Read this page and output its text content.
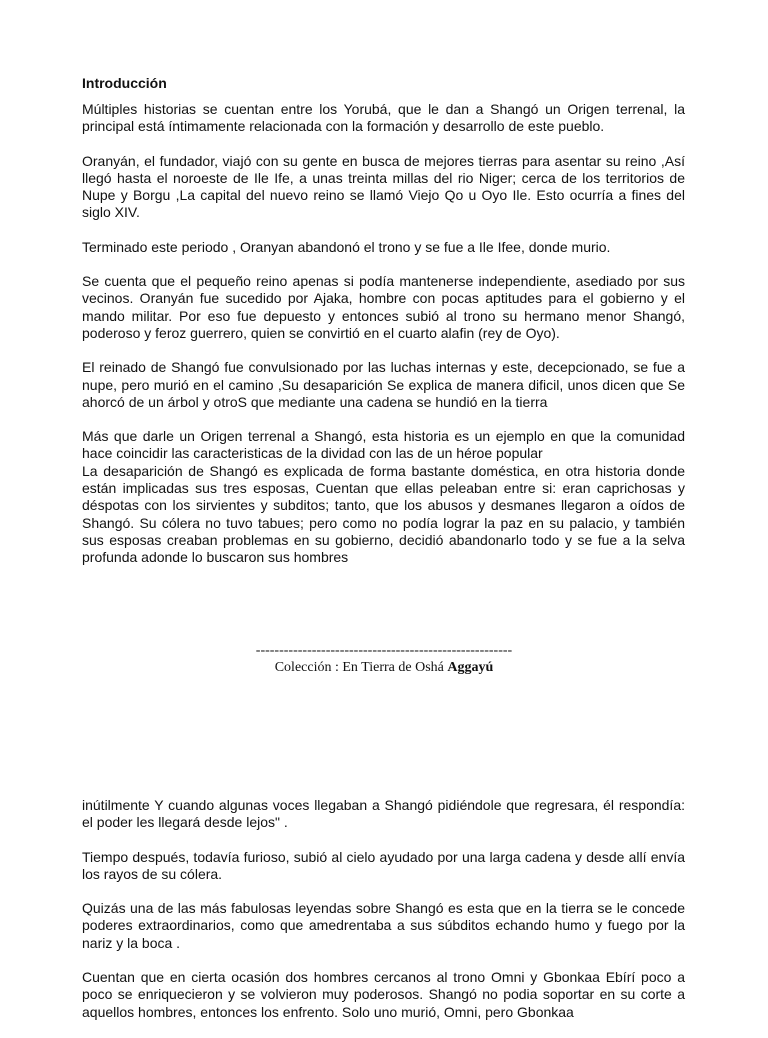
Introducción

Múltiples historias se cuentan entre los Yorubá, que le dan a Shangó un Origen terrenal, la principal está íntimamente relacionada con la formación y desarrollo de este pueblo.

Oranyán, el fundador, viajó con su gente en busca de mejores tierras para asentar su reino ,Así llegó hasta el noroeste de Ile Ife, a unas treinta millas del rio Niger; cerca de los territorios de Nupe y Borgu ,La capital del nuevo reino se llamó Viejo Qo u Oyo Ile. Esto ocurría a fines del siglo XIV.

Terminado este periodo , Oranyan abandonó el trono y se fue a Ile Ifee, donde murio.

Se cuenta que el pequeño reino apenas si podía mantenerse independiente, asediado por sus vecinos. Oranyán fue sucedido por Ajaka, hombre con pocas aptitudes para el gobierno y el mando militar. Por eso fue depuesto y entonces subió al trono su hermano menor Shangó, poderoso y feroz guerrero, quien se convirtió en el cuarto alafin (rey de Oyo).

El reinado de Shangó fue convulsionado por las luchas internas y este, decepcionado, se fue a nupe, pero murió en el camino ,Su desaparición Se explica de manera dificil, unos dicen que Se ahorcó de un árbol y otroS que mediante una cadena se hundió en la tierra

Más que darle un Origen terrenal a Shangó, esta historia es un ejemplo en que la comunidad hace coincidir las caracteristicas de la dividad con las de un héroe popular

La desaparición de Shangó es explicada de forma bastante doméstica, en otra historia donde están implicadas sus tres esposas, Cuentan que ellas peleaban entre si: eran caprichosas y déspotas con los sirvientes y subditos; tanto, que los abusos y desmanes llegaron a oídos de Shangó. Su cólera no tuvo tabues; pero como no podía lograr la paz en su palacio, y también sus esposas creaban problemas en su gobierno, decidió abandonarlo todo y se fue a la selva profunda adonde lo buscaron sus hombres

-------------------------------------------------------
Colección : En Tierra de Oshá Aggayú

inútilmente Y cuando algunas voces llegaban a Shangó pidiéndole que regresara, él respondía: el poder les llegará desde lejos" .

Tiempo después, todavía furioso, subió al cielo ayudado por una larga cadena y desde allí envía los rayos de su cólera.

Quizás una de las más fabulosas leyendas sobre Shangó es esta que en la tierra se le concede poderes extraordinarios, como que amedrentaba a sus súbditos echando humo y fuego por la nariz y la boca .

Cuentan que en cierta ocasión dos hombres cercanos al trono Omni y Gbonkaa Ebírí poco a poco se enriquecieron y se volvieron muy poderosos. Shangó no podia soportar en su corte a aquellos hombres, entonces los enfrento. Solo uno murió, Omni, pero Gbonkaa
